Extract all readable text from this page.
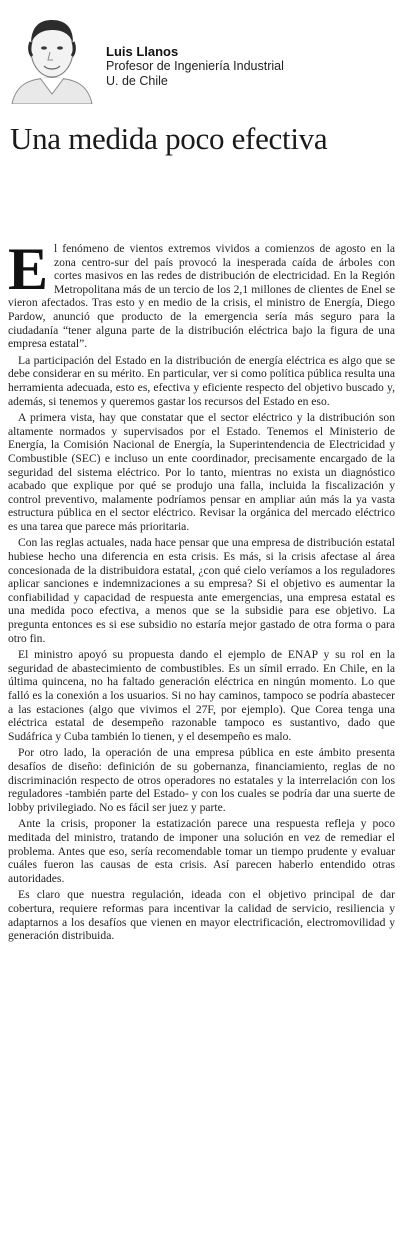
Luis Llanos
Profesor de Ingeniería Industrial
U. de Chile
Una medida poco efectiva

El fenómeno de vientos extremos vividos a comienzos de agosto en la zona centro-sur del país provocó la inesperada caída de árboles con cortes masivos en las redes de distribución de electricidad. En la Región Metropolitana más de un tercio de los 2,1 millones de clientes de Enel se vieron afectados. Tras esto y en medio de la crisis, el ministro de Energía, Diego Pardow, anunció que producto de la emergencia sería más seguro para la ciudadanía “tener alguna parte de la distribución eléctrica bajo la figura de una empresa estatal”.

La participación del Estado en la distribución de energía eléctrica es algo que se debe considerar en su mérito. En particular, ver si como política pública resulta una herramienta adecuada, esto es, efectiva y eficiente respecto del objetivo buscado y, además, si tenemos y queremos gastar los recursos del Estado en eso.

A primera vista, hay que constatar que el sector eléctrico y la distribución son altamente normados y supervisados por el Estado. Tenemos el Ministerio de Energía, la Comisión Nacional de Energía, la Superintendencia de Electricidad y Combustible (SEC) e incluso un ente coordinador, precisamente encargado de la seguridad del sistema eléctrico. Por lo tanto, mientras no exista un diagnóstico acabado que explique por qué se produjo una falla, incluida la fiscalización y control preventivo, malamente podríamos pensar en ampliar aún más la ya vasta estructura pública en el sector eléctrico. Revisar la orgánica del mercado eléctrico es una tarea que parece más prioritaria.

Con las reglas actuales, nada hace pensar que una empresa de distribución estatal hubiese hecho una diferencia en esta crisis. Es más, si la crisis afectase al área concesionada de la distribuidora estatal, ¿con qué cielo veríamos a los reguladores aplicar sanciones e indemnizaciones a su empresa? Si el objetivo es aumentar la confiabilidad y capacidad de respuesta ante emergencias, una empresa estatal es una medida poco efectiva, a menos que se la subsidie para ese objetivo. La pregunta entonces es si ese subsidio no estaría mejor gastado de otra forma o para otro fin.

El ministro apoyó su propuesta dando el ejemplo de ENAP y su rol en la seguridad de abastecimiento de combustibles. Es un símil errado. En Chile, en la última quincena, no ha faltado generación eléctrica en ningún momento. Lo que falló es la conexión a los usuarios. Si no hay caminos, tampoco se podría abastecer a las estaciones (algo que vivimos el 27F, por ejemplo). Que Corea tenga una eléctrica estatal de desempeño razonable tampoco es sustantivo, dado que Sudáfrica y Cuba también lo tienen, y el desempeño es malo.

Por otro lado, la operación de una empresa pública en este ámbito presenta desafíos de diseño: definición de su gobernanza, financiamiento, reglas de no discriminación respecto de otros operadores no estatales y la interrelación con los reguladores -también parte del Estado- y con los cuales se podría dar una suerte de lobby privilegiado. No es fácil ser juez y parte.

Ante la crisis, proponer la estatización parece una respuesta refleja y poco meditada del ministro, tratando de imponer una solución en vez de remediar el problema. Antes que eso, sería recomendable tomar un tiempo prudente y evaluar cuáles fueron las causas de esta crisis. Así parecen haberlo entendido otras autoridades.

Es claro que nuestra regulación, ideada con el objetivo principal de dar cobertura, requiere reformas para incentivar la calidad de servicio, resiliencia y adaptarnos a los desafíos que vienen en mayor electrificación, electromovilidad y generación distribuida.
